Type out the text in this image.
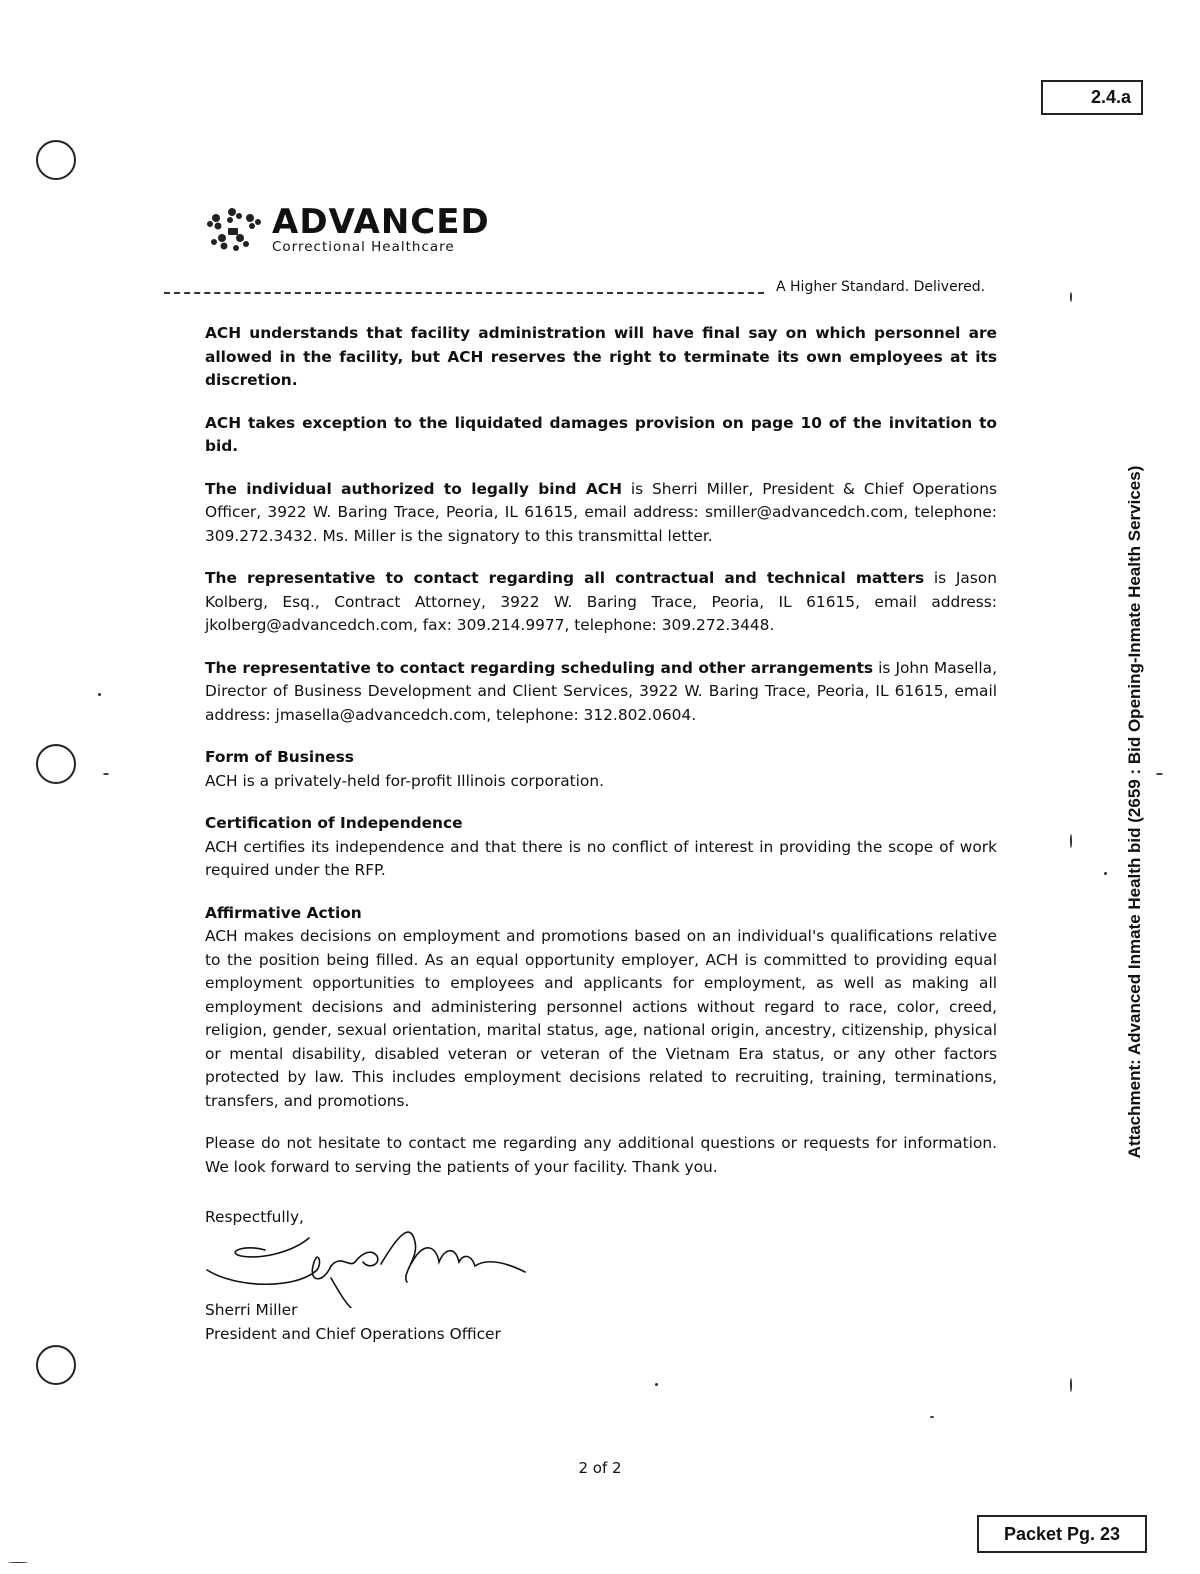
2.4.a
ADVANCED
Correctional Healthcare
A Higher Standard. Delivered.

ACH understands that facility administration will have final say on which personnel are allowed in the facility, but ACH reserves the right to terminate its own employees at its discretion.

ACH takes exception to the liquidated damages provision on page 10 of the invitation to bid.

The individual authorized to legally bind ACH is Sherri Miller, President & Chief Operations Officer, 3922 W. Baring Trace, Peoria, IL 61615, email address: smiller@advancedch.com, telephone: 309.272.3432. Ms. Miller is the signatory to this transmittal letter.

The representative to contact regarding all contractual and technical matters is Jason Kolberg, Esq., Contract Attorney, 3922 W. Baring Trace, Peoria, IL 61615, email address: jkolberg@advancedch.com, fax: 309.214.9977, telephone: 309.272.3448.

The representative to contact regarding scheduling and other arrangements is John Masella, Director of Business Development and Client Services, 3922 W. Baring Trace, Peoria, IL 61615, email address: jmasella@advancedch.com, telephone: 312.802.0604.

Form of Business

ACH is a privately-held for-profit Illinois corporation.

Certification of Independence

ACH certifies its independence and that there is no conflict of interest in providing the scope of work required under the RFP.

Affirmative Action

ACH makes decisions on employment and promotions based on an individual's qualifications relative to the position being filled. As an equal opportunity employer, ACH is committed to providing equal employment opportunities to employees and applicants for employment, as well as making all employment decisions and administering personnel actions without regard to race, color, creed, religion, gender, sexual orientation, marital status, age, national origin, ancestry, citizenship, physical or mental disability, disabled veteran or veteran of the Vietnam Era status, or any other factors protected by law. This includes employment decisions related to recruiting, training, terminations, transfers, and promotions.

Please do not hesitate to contact me regarding any additional questions or requests for information. We look forward to serving the patients of your facility. Thank you.

Respectfully,
Sherri Miller
President and Chief Operations Officer
2 of 2
Packet Pg. 23
Attachment: Advanced Inmate Health bid (2659 : Bid Opening-Inmate Health Services)
